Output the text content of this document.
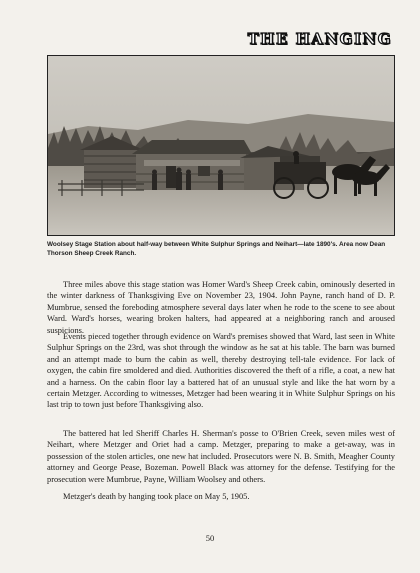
THE HANGING
Woolsey Stage Station about half-way between White Sulphur Springs and Neihart—late 1890's. Area now Dean Thorson Sheep Creek Ranch.

Three miles above this stage station was Homer Ward's Sheep Creek cabin, ominously deserted in the winter darkness of Thanksgiving Eve on November 23, 1904. John Payne, ranch hand of D. P. Mumbrue, sensed the foreboding atmosphere several days later when he rode to the scene to see about Ward. Ward's horses, wearing broken halters, had appeared at a neighboring ranch and aroused suspicions.

Events pieced together through evidence on Ward's premises showed that Ward, last seen in White Sulphur Springs on the 23rd, was shot through the window as he sat at his table. The barn was burned and an attempt made to burn the cabin as well, thereby destroying tell-tale evidence. For lack of oxygen, the cabin fire smoldered and died. Authorities discovered the theft of a rifle, a coat, a new hat and a harness. On the cabin floor lay a battered hat of an unusual style and like the hat worn by a certain Metzger. According to witnesses, Metzger had been wearing it in White Sulphur Springs on his last trip to town just before Thanksgiving also.

The battered hat led Sheriff Charles H. Sherman's posse to O'Brien Creek, seven miles west of Neihart, where Metzger and Oriet had a camp. Metzger, preparing to make a get-away, was in possession of the stolen articles, one new hat included. Prosecutors were N. B. Smith, Meagher County attorney and George Pease, Bozeman. Powell Black was attorney for the defense. Testifying for the prosecution were Mumbrue, Payne, William Woolsey and others.

Metzger's death by hanging took place on May 5, 1905.

50
